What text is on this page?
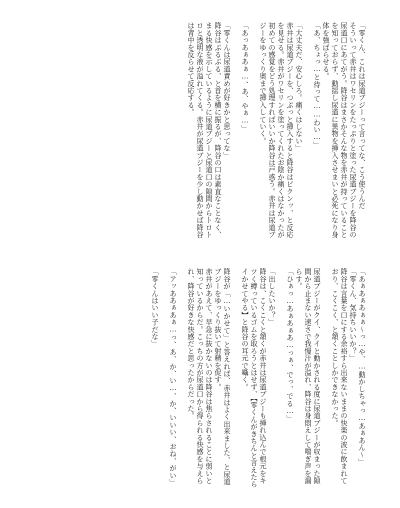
「零くん、これは尿道ブジーって言ってな、こう使うんだ

そういって赤井はワセリンをたっぷりと塗った尿道ブジーを降谷の尿道口にあてがう。降谷はまさかそんな物を赤井が持っていることを知っておらず、動揺し尿道に異物を挿入させまいと必死になり身体を強ばらせる。

「あ、ちょっ…と待って……わい…」

「大丈夫だ、安心しろ。痛くはしない」

赤井は尿道ブジーを、つぷっと挿入すると降谷はビクンッ、と反応を見せる。赤井がワセリンを塗ってくれたお陰か痛くはなかったが初めての感覚をどう処理すればいいか降谷は戸惑う。赤井は尿道ブジーをゆっくり奥まで挿入していく。

「あっあぁあぁ…、あ、やぁ…」

「零くんは尿道責めが好きかと思ってな」

降谷はぶるぶる、と首を横に振るが、降谷の口は素直なことなく、まる快感を示しているように尿道ブジーと尿道口の隙間からトロトロと透明な液が溢れてくる。赤井が尿道ブジーを少し動かせば降谷は背中を反らせて反応する。

「あぁあぁあぁぁ～っ…や、…動かしちゃっ…あぁあん～」

「零くん、気持ちいいか？」

降谷は言葉を口にする余裕すら出来ないままの快楽の波に飲まれており、こくこく、と頷くことしかできなかった。

尿道ブジーがクイ、クイと動かされる度に尿道ブジーが収まった隙間から止まない速さで我慢汁が溢れ、降谷は身悶えして喘ぎ声を漏らす。

「ひぁっ…あぁあぁあ…っぁ、でっ、でる…」

「出したいか？」

降谷は、こくこくと頷くが赤井は尿道ブジーも挿れ込んで根元をキツく縛っているゴムを取ろうとはせず、【零くんがきちんと言えたらイかせてやる】と降谷の耳元で囁く。

降谷が「…いかせて」と答えれば、赤井はよく出来ました、と尿道ブジーをゆっくり抜いて射精を促す。

赤井があえて、早急に抜かないのは降谷は焦らされることに弱いと知っているからだ。こっちの方が尿道口から得られる快感を与えられ、降谷が好きな快感だと思ったからだった。

「アッああぁあぁ…っ、あ、か、い…、か、いいい、おね、がい」

「零くんはいい子だな」
